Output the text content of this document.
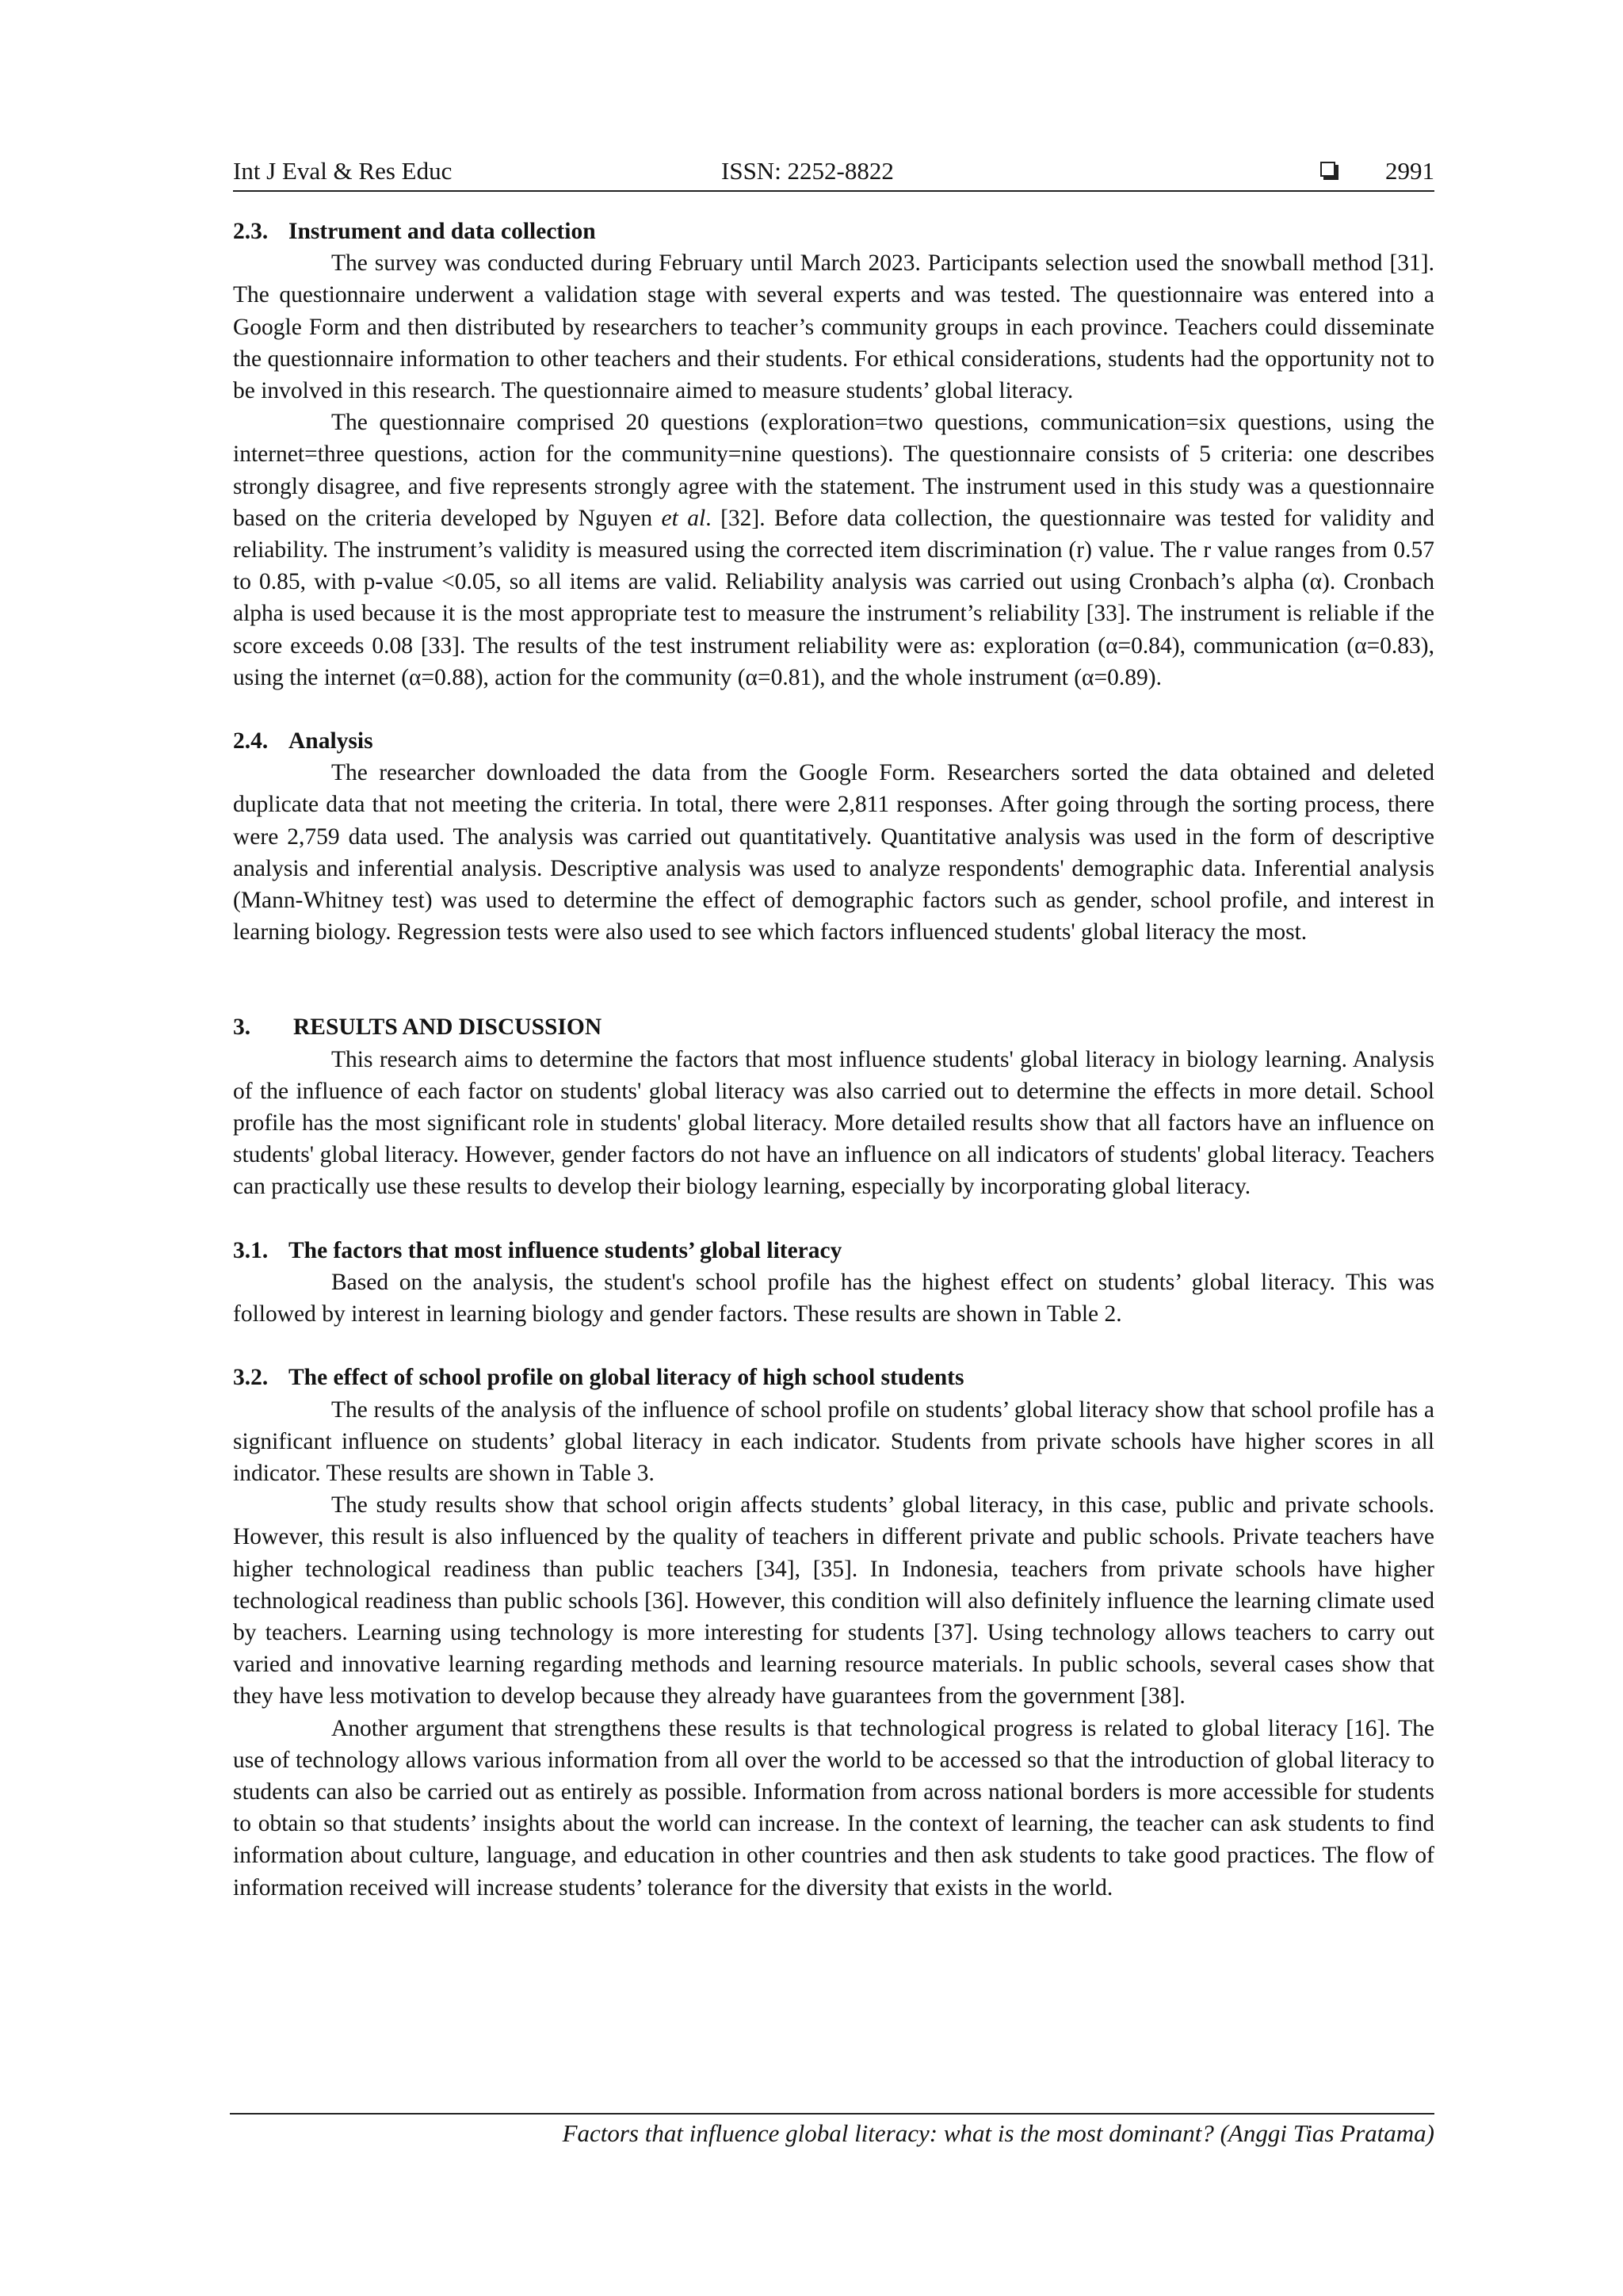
Int J Eval & Res Educ	ISSN: 2252-8822	2991
2.3. Instrument and data collection

The survey was conducted during February until March 2023. Participants selection used the snowball method [31]. The questionnaire underwent a validation stage with several experts and was tested. The questionnaire was entered into a Google Form and then distributed by researchers to teacher’s community groups in each province. Teachers could disseminate the questionnaire information to other teachers and their students. For ethical considerations, students had the opportunity not to be involved in this research. The questionnaire aimed to measure students’ global literacy.

The questionnaire comprised 20 questions (exploration=two questions, communication=six questions, using the internet=three questions, action for the community=nine questions). The questionnaire consists of 5 criteria: one describes strongly disagree, and five represents strongly agree with the statement. The instrument used in this study was a questionnaire based on the criteria developed by Nguyen et al. [32]. Before data collection, the questionnaire was tested for validity and reliability. The instrument’s validity is measured using the corrected item discrimination (r) value. The r value ranges from 0.57 to 0.85, with p-value <0.05, so all items are valid. Reliability analysis was carried out using Cronbach’s alpha (α). Cronbach alpha is used because it is the most appropriate test to measure the instrument’s reliability [33]. The instrument is reliable if the score exceeds 0.08 [33]. The results of the test instrument reliability were as: exploration (α=0.84), communication (α=0.83), using the internet (α=0.88), action for the community (α=0.81), and the whole instrument (α=0.89).

2.4. Analysis

The researcher downloaded the data from the Google Form. Researchers sorted the data obtained and deleted duplicate data that not meeting the criteria. In total, there were 2,811 responses. After going through the sorting process, there were 2,759 data used. The analysis was carried out quantitatively. Quantitative analysis was used in the form of descriptive analysis and inferential analysis. Descriptive analysis was used to analyze respondents' demographic data. Inferential analysis (Mann-Whitney test) was used to determine the effect of demographic factors such as gender, school profile, and interest in learning biology. Regression tests were also used to see which factors influenced students' global literacy the most.

3. RESULTS AND DISCUSSION

This research aims to determine the factors that most influence students' global literacy in biology learning. Analysis of the influence of each factor on students' global literacy was also carried out to determine the effects in more detail. School profile has the most significant role in students' global literacy. More detailed results show that all factors have an influence on students' global literacy. However, gender factors do not have an influence on all indicators of students' global literacy. Teachers can practically use these results to develop their biology learning, especially by incorporating global literacy.

3.1. The factors that most influence students’ global literacy

Based on the analysis, the student's school profile has the highest effect on students’ global literacy. This was followed by interest in learning biology and gender factors. These results are shown in Table 2.

3.2. The effect of school profile on global literacy of high school students

The results of the analysis of the influence of school profile on students’ global literacy show that school profile has a significant influence on students’ global literacy in each indicator. Students from private schools have higher scores in all indicator. These results are shown in Table 3.

The study results show that school origin affects students’ global literacy, in this case, public and private schools. However, this result is also influenced by the quality of teachers in different private and public schools. Private teachers have higher technological readiness than public teachers [34], [35]. In Indonesia, teachers from private schools have higher technological readiness than public schools [36]. However, this condition will also definitely influence the learning climate used by teachers. Learning using technology is more interesting for students [37]. Using technology allows teachers to carry out varied and innovative learning regarding methods and learning resource materials. In public schools, several cases show that they have less motivation to develop because they already have guarantees from the government [38].

Another argument that strengthens these results is that technological progress is related to global literacy [16]. The use of technology allows various information from all over the world to be accessed so that the introduction of global literacy to students can also be carried out as entirely as possible. Information from across national borders is more accessible for students to obtain so that students’ insights about the world can increase. In the context of learning, the teacher can ask students to find information about culture, language, and education in other countries and then ask students to take good practices. The flow of information received will increase students’ tolerance for the diversity that exists in the world.

Factors that influence global literacy: what is the most dominant? (Anggi Tias Pratama)
